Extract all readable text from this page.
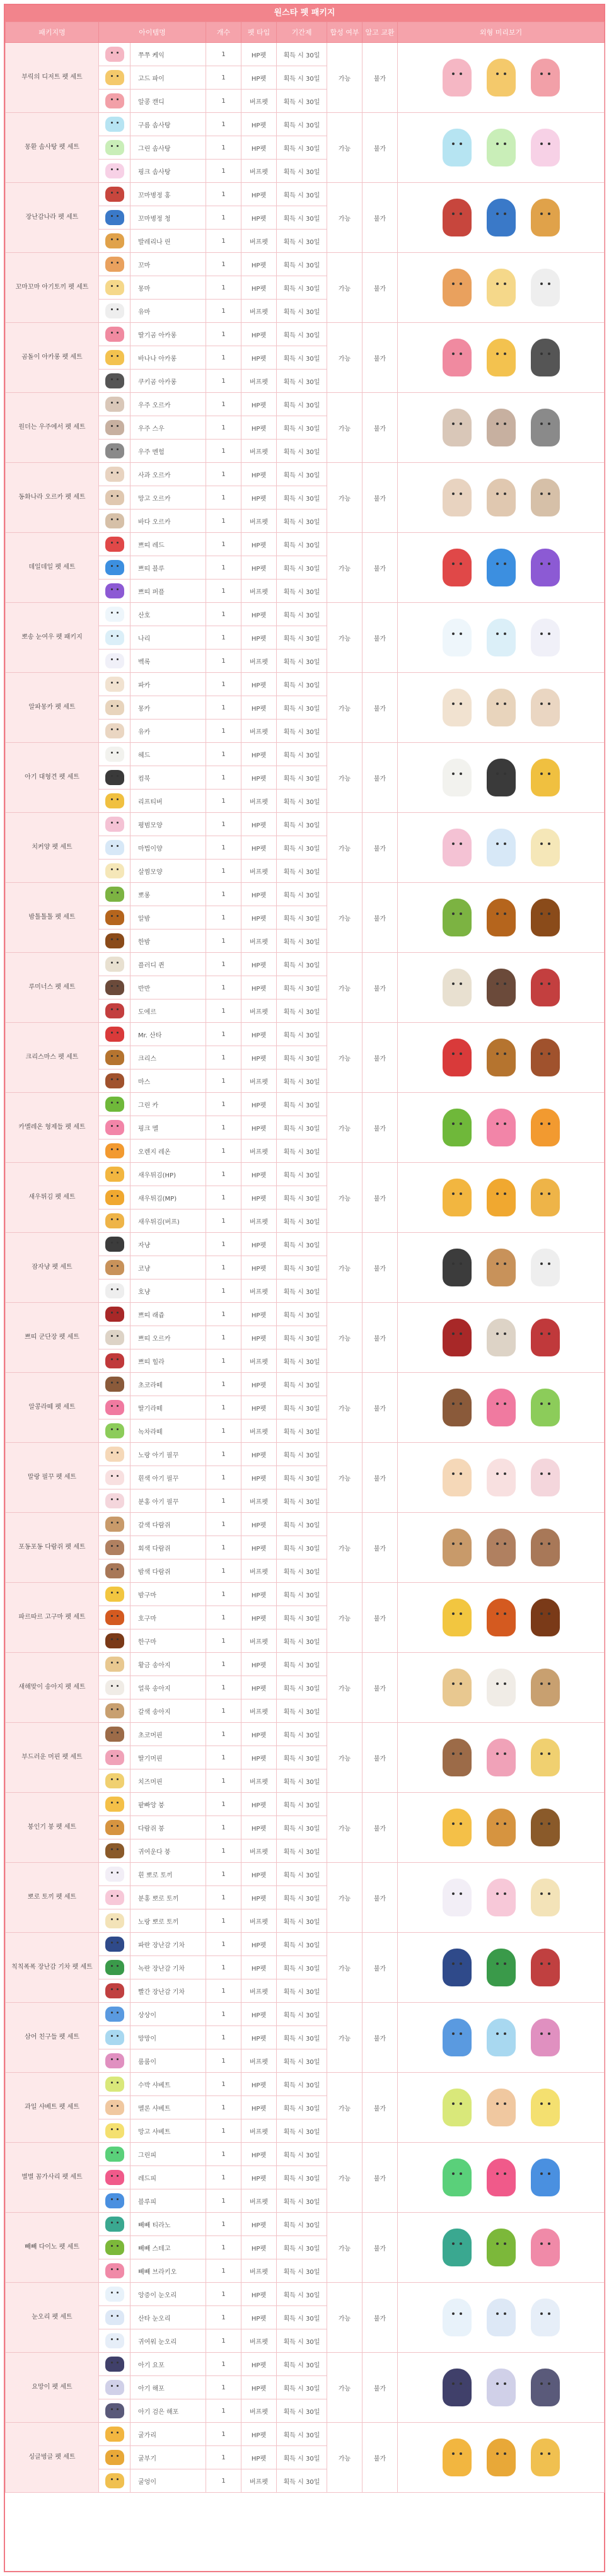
원스타 펫 패키지
패키지명	아이템명		개수	펫 타입	기간제	합성 여부	알고 교환	외형 미리보기
부릭의 디저트 펫 세트		쭈쭈 케익	1	HP펫	획득 시 30일	가능	불가	
		고드 파이	1	HP펫	획득 시 30일			
		알콩 캔디	1	버프펫	획득 시 30일			
몽환 솜사탕 펫 세트		구름 솜사탕	1	HP펫	획득 시 30일	가능	불가	
		그린 솜사탕	1	HP펫	획득 시 30일			
		핑크 솜사탕	1	버프펫	획득 시 30일			
장난감나라 펫 세트		꼬마병정 홍	1	HP펫	획득 시 30일	가능	불가	
		꼬마병정 청	1	HP펫	획득 시 30일			
		발레리나 린	1	버프펫	획득 시 30일			
꼬마꼬마 아기토끼 펫 세트		꼬마	1	HP펫	획득 시 30일	가능	불가	
		몽마	1	HP펫	획득 시 30일			
		유마	1	버프펫	획득 시 30일			
곰돌이 아카롱 펫 세트		딸기곰 아카롱	1	HP펫	획득 시 30일	가능	불가	
		바나나 아카롱	1	HP펫	획득 시 30일			
		쿠키곰 아카롱	1	버프펫	획득 시 30일			
원더는 우주에서 펫 세트		우주 오르카	1	HP펫	획득 시 30일	가능	불가	
		우주 스우	1	HP펫	획득 시 30일			
		우주 멘험	1	버프펫	획득 시 30일			
동화나라 오르카 펫 세트		사과 오르카	1	HP펫	획득 시 30일	가능	불가	
		망고 오르카	1	HP펫	획득 시 30일			
		바다 오르카	1	버프펫	획득 시 30일			
데일데일 펫 세트		쁘띠 레드	1	HP펫	획득 시 30일	가능	불가	
		쁘띠 블루	1	HP펫	획득 시 30일			
		쁘띠 퍼플	1	버프펫	획득 시 30일			
뽀송 눈여우 펫 패키지		산호	1	HP펫	획득 시 30일	가능	불가	
		나리	1	HP펫	획득 시 30일			
		벡록	1	버프펫	획득 시 30일			
알파몽카 펫 세트		파카	1	HP펫	획득 시 30일	가능	불가	
		몽카	1	HP펫	획득 시 30일			
		유카	1	버프펫	획득 시 30일			
아기 대형견 펫 세트		헤드	1	HP펫	획득 시 30일	가능	불가	
		컴북	1	HP펫	획득 시 30일			
		리프티버	1	버프펫	획득 시 30일			
치커양 펫 세트		평범모양	1	HP펫	획득 시 30일	가능	불가	
		마법이양	1	HP펫	획득 시 30일			
		살찜모양	1	버프펫	획득 시 30일			
밤톨톨톨 펫 세트		뽀롱	1	HP펫	획득 시 30일	가능	불가	
		알밤	1	HP펫	획득 시 30일			
		한밤	1	버프펫	획득 시 30일			
루미너스 펫 세트		플러디 퀸	1	HP펫	획득 시 30일	가능	불가	
		반반	1	HP펫	획득 시 30일			
		도에르	1	버프펫	획득 시 30일			
크리스마스 펫 세트		Mr. 산타	1	HP펫	획득 시 30일	가능	불가	
		크리스	1	HP펫	획득 시 30일			
		마스	1	버프펫	획득 시 30일			
카멜레온 형제들 펫 세트		그린 카	1	HP펫	획득 시 30일	가능	불가	
		핑크 멜	1	HP펫	획득 시 30일			
		오렌지 레온	1	버프펫	획득 시 30일			
새우튀김 펫 세트		새우튀김(HP)	1	HP펫	획득 시 30일	가능	불가	
		새우튀김(MP)	1	HP펫	획득 시 30일			
		새우튀김(버프)	1	버프펫	획득 시 30일			
잠자냥 펫 세트		자냥	1	HP펫	획득 시 30일	가능	불가	
		코냥	1	HP펫	획득 시 30일			
		호냥	1	버프펫	획득 시 30일			
쁘띠 군단장 펫 세트		쁘띠 래쥼	1	HP펫	획득 시 30일	가능	불가	
		쁘띠 오르카	1	HP펫	획득 시 30일			
		쁘띠 힐라	1	버프펫	획득 시 30일			
알콩라떼 펫 세트		초코라떼	1	HP펫	획득 시 30일	가능	불가	
		딸기라떼	1	HP펫	획득 시 30일			
		녹차라떼	1	버프펫	획득 시 30일			
말랑 필꾸 펫 세트		노랑 아기 필꾸	1	HP펫	획득 시 30일	가능	불가	
		흰색 아기 필꾸	1	HP펫	획득 시 30일			
		분홍 아기 필꾸	1	버프펫	획득 시 30일			
포동포동 다람쥐 펫 세트		갈색 다람쥐	1	HP펫	획득 시 30일	가능	불가	
		회색 다람쥐	1	HP펫	획득 시 30일			
		밤색 다람쥐	1	버프펫	획득 시 30일			
파르따르 고구마 펫 세트		밤구마	1	HP펫	획득 시 30일	가능	불가	
		호구마	1	HP펫	획득 시 30일			
		한구마	1	버프펫	획득 시 30일			
새해맞이 송아지 펫 세트		황금 송아지	1	HP펫	획득 시 30일	가능	불가	
		얼룩 송아지	1	HP펫	획득 시 30일			
		갈색 송아지	1	버프펫	획득 시 30일			
부드러운 머핀 펫 세트		초코머핀	1	HP펫	획득 시 30일	가능	불가	
		딸기머핀	1	HP펫	획득 시 30일			
		치즈머핀	1	버프펫	획득 시 30일			
붕인기 붕 펫 세트		팥빠앙 붕	1	HP펫	획득 시 30일	가능	불가	
		다람쥐 붕	1	HP펫	획득 시 30일			
		귀여운다 붕	1	버프펫	획득 시 30일			
뽀로 토끼 펫 세트		흰 뽀로 토끼	1	HP펫	획득 시 30일	가능	불가	
		분홍 뽀로 토끼	1	HP펫	획득 시 30일			
		노랑 뽀로 토끼	1	버프펫	획득 시 30일			
칙칙폭폭 장난감 기차 펫 세트		파란 장난감 기차	1	HP펫	획득 시 30일	가능	불가	
		녹란 장난감 기차	1	HP펫	획득 시 30일			
		빨간 장난감 기차	1	버프펫	획득 시 30일			
삼어 친구들 펫 세트		상상이	1	HP펫	획득 시 30일	가능	불가	
		망망이	1	HP펫	획득 시 30일			
		룸룸이	1	버프펫	획득 시 30일			
과일 샤베트 펫 세트		수박 샤베트	1	HP펫	획득 시 30일	가능	불가	
		멜론 샤베트	1	HP펫	획득 시 30일			
		망고 샤베트	1	버프펫	획득 시 30일			
별별 꼼가사리 펫 세트		그린피	1	HP펫	획득 시 30일	가능	불가	
		레드피	1	HP펫	획득 시 30일			
		블루피	1	버프펫	획득 시 30일			
빼빼 다이노 펫 세트		빼빼 티라노	1	HP펫	획득 시 30일	가능	불가	
		빼빼 스테고	1	HP펫	획득 시 30일			
		빼빼 브라키오	1	버프펫	획득 시 30일			
눈오리 펫 세트		앙증이 눈오리	1	HP펫	획득 시 30일	가능	불가	
		산타 눈오리	1	HP펫	획득 시 30일			
		귀여워 눈오리	1	버프펫	획득 시 30일			
요망이 펫 세트		아기 요포	1	HP펫	획득 시 30일	가능	불가	
		아기 해포	1	HP펫	획득 시 30일			
		아기 검은 해포	1	버프펫	획득 시 30일			
싱글벙글 펫 세트		굴가리	1	HP펫	획득 시 30일	가능	불가	
		굴부기	1	HP펫	획득 시 30일			
		굴엉이	1	버프펫	획득 시 30일			
